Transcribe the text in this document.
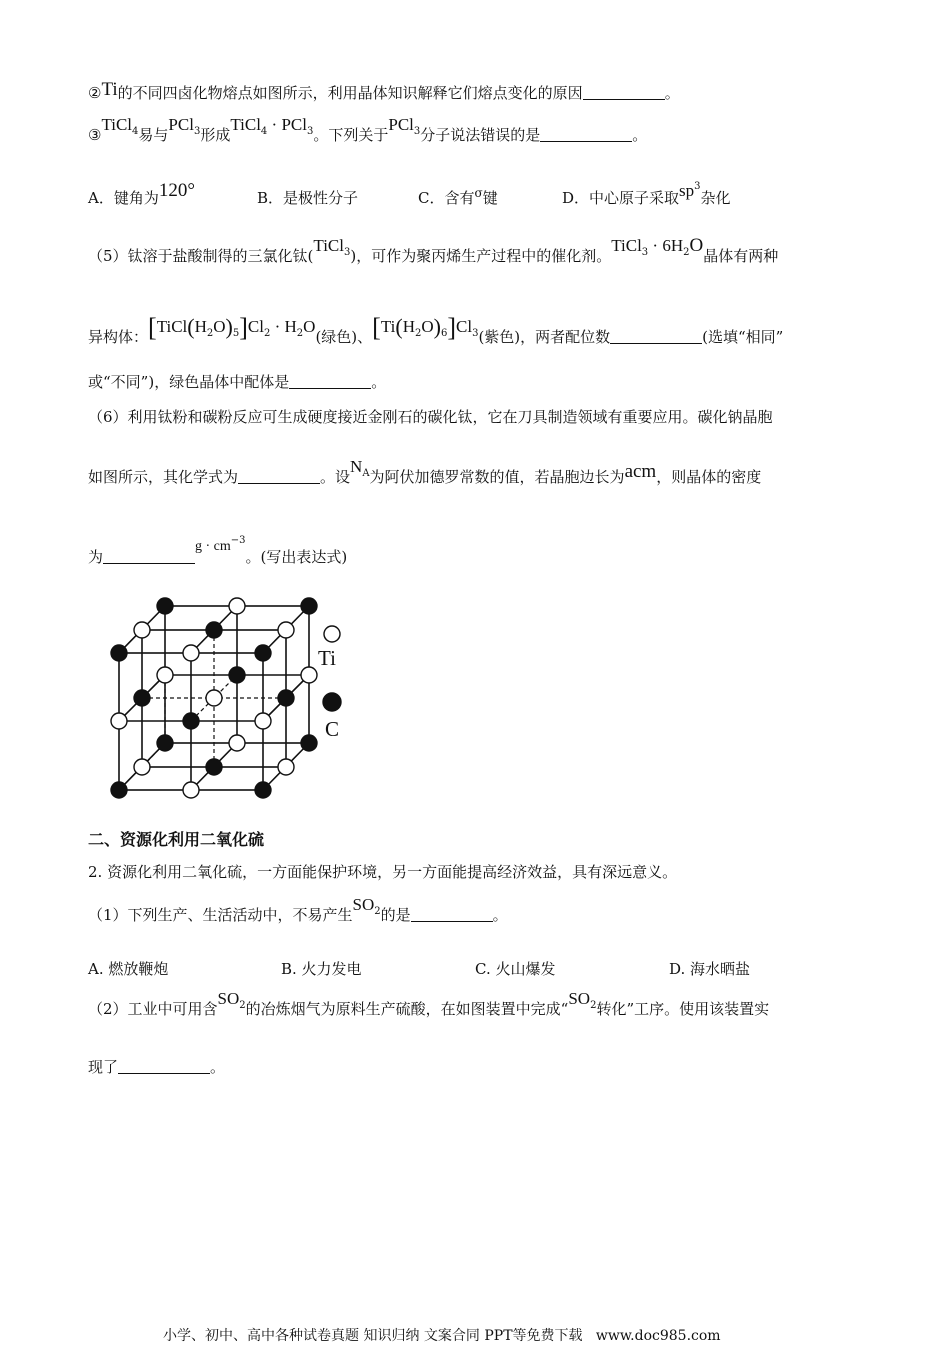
②Ti的不同四卤化物熔点如图所示，利用晶体知识解释它们熔点变化的原因	。
③TiCl$_4$易与PCl$_3$形成TiCl$_4$ · PCl$_3$。下列关于PCl$_3$分子说法错误的是	。
A．键角为120°	B．是极性分子	C．含有$^\sigma$键	D．中心原子采取$sp^3$杂化
（5）钛溶于盐酸制得的三氯化钛(TiCl$_3$)，可作为聚丙烯生产过程中的催化剂。TiCl$_3$ · $6H_2O$晶体有两种
异构体：$[TiCl(H_2O)_5]Cl_2 \cdot H_2O$(绿色)、$[Ti(H_2O)_6]Cl_3$(紫色)，两者配位数	(选填“相同”
或“不同”)，绿色晶体中配体是	。
（6）利用钛粉和碳粉反应可生成硬度接近金刚石的碳化钛，它在刀具制造领域有重要应用。碳化钠晶胞
如图所示，其化学式为	。设$N_A$为阿伏加德罗常数的值，若晶胞边长为acm，则晶体的密度
为$g \cdot cm^{-3}$。(写出表达式)
Ti
C
二、资源化利用二氧化硫
2. 资源化利用二氧化硫，一方面能保护环境，另一方面能提高经济效益，具有深远意义。
（1）下列生产、生活活动中，不易产生$SO_2$的是	。
A. 燃放鞭炮	B. 火力发电	C. 火山爆发	D. 海水晒盐
（2）工业中可用含$SO_2$的冶炼烟气为原料生产硫酸，在如图装置中完成“$SO_2$转化”工序。使用该装置实
现了	。
小学、初中、高中各种试卷真题 知识归纳 文案合同 PPT等免费下载 www.doc985.com
